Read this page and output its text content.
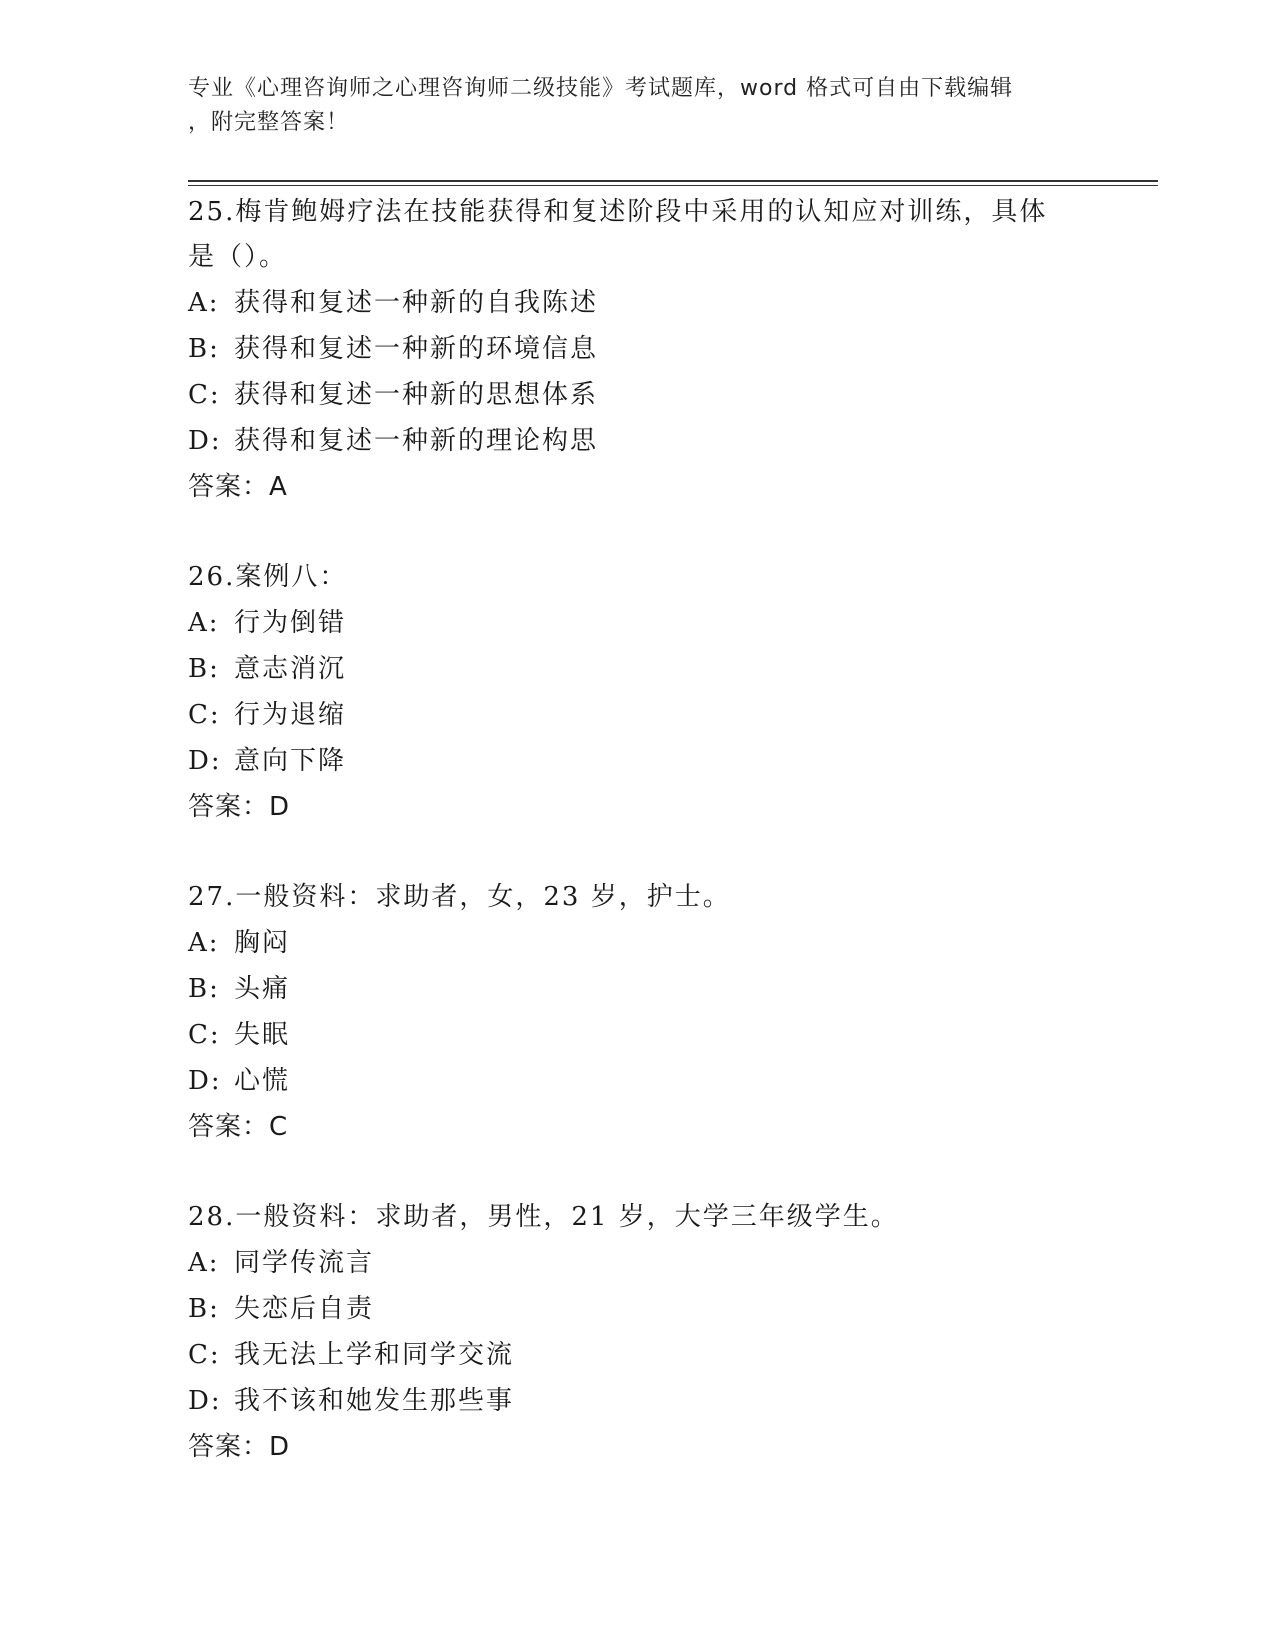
专业《心理咨询师之心理咨询师二级技能》考试题库，word 格式可自由下载编辑
，附完整答案！

25.梅肯鲍姆疗法在技能获得和复述阶段中采用的认知应对训练，具体

是（）。

A: 获得和复述一种新的自我陈述

B: 获得和复述一种新的环境信息

C: 获得和复述一种新的思想体系

D: 获得和复述一种新的理论构思

答案：A

26.案例八：

A: 行为倒错

B: 意志消沉

C: 行为退缩

D: 意向下降

答案：D

27.一般资料：求助者，女，23 岁，护士。

A: 胸闷

B: 头痛

C: 失眠

D: 心慌

答案：C

28.一般资料：求助者，男性，21 岁，大学三年级学生。

A: 同学传流言

B: 失恋后自责

C: 我无法上学和同学交流

D: 我不该和她发生那些事

答案：D
